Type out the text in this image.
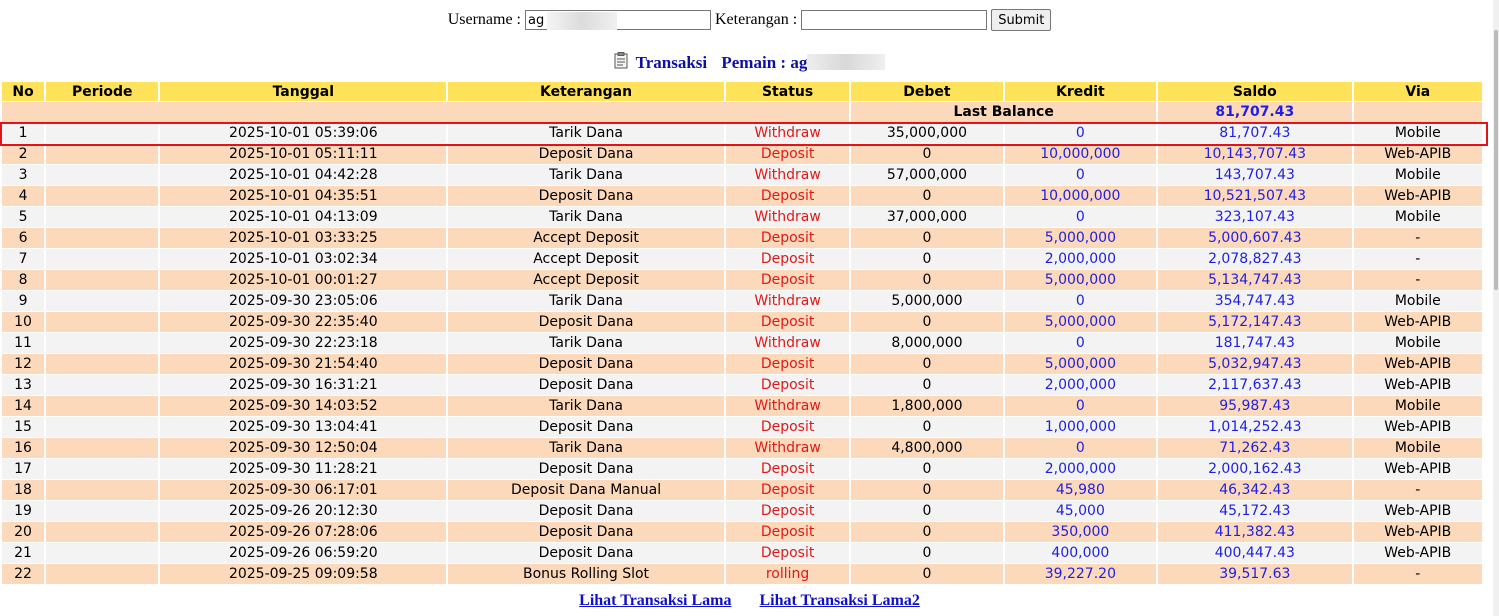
Username : ag	Keterangan :	Submit
Transaksi Pemain : ag
No	Periode	Tanggal	Keterangan	Status	Debet	Kredit	Saldo	Via
					Last Balance		81,707.43	
1		2025-10-01 05:39:06	Tarik Dana	Withdraw	35,000,000	0	81,707.43	Mobile
2		2025-10-01 05:11:11	Deposit Dana	Deposit	0	10,000,000	10,143,707.43	Web-APIB
3		2025-10-01 04:42:28	Tarik Dana	Withdraw	57,000,000	0	143,707.43	Mobile
4		2025-10-01 04:35:51	Deposit Dana	Deposit	0	10,000,000	10,521,507.43	Web-APIB
5		2025-10-01 04:13:09	Tarik Dana	Withdraw	37,000,000	0	323,107.43	Mobile
6		2025-10-01 03:33:25	Accept Deposit	Deposit	0	5,000,000	5,000,607.43	-
7		2025-10-01 03:02:34	Accept Deposit	Deposit	0	2,000,000	2,078,827.43	-
8		2025-10-01 00:01:27	Accept Deposit	Deposit	0	5,000,000	5,134,747.43	-
9		2025-09-30 23:05:06	Tarik Dana	Withdraw	5,000,000	0	354,747.43	Mobile
10		2025-09-30 22:35:40	Deposit Dana	Deposit	0	5,000,000	5,172,147.43	Web-APIB
11		2025-09-30 22:23:18	Tarik Dana	Withdraw	8,000,000	0	181,747.43	Mobile
12		2025-09-30 21:54:40	Deposit Dana	Deposit	0	5,000,000	5,032,947.43	Web-APIB
13		2025-09-30 16:31:21	Deposit Dana	Deposit	0	2,000,000	2,117,637.43	Web-APIB
14		2025-09-30 14:03:52	Tarik Dana	Withdraw	1,800,000	0	95,987.43	Mobile
15		2025-09-30 13:04:41	Deposit Dana	Deposit	0	1,000,000	1,014,252.43	Web-APIB
16		2025-09-30 12:50:04	Tarik Dana	Withdraw	4,800,000	0	71,262.43	Mobile
17		2025-09-30 11:28:21	Deposit Dana	Deposit	0	2,000,000	2,000,162.43	Web-APIB
18		2025-09-30 06:17:01	Deposit Dana Manual	Deposit	0	45,980	46,342.43	-
19		2025-09-26 20:12:30	Deposit Dana	Deposit	0	45,000	45,172.43	Web-APIB
20		2025-09-26 07:28:06	Deposit Dana	Deposit	0	350,000	411,382.43	Web-APIB
21		2025-09-26 06:59:20	Deposit Dana	Deposit	0	400,000	400,447.43	Web-APIB
22		2025-09-25 09:09:58	Bonus Rolling Slot	rolling	0	39,227.20	39,517.63	-
Lihat Transaksi Lama Lihat Transaksi Lama2
